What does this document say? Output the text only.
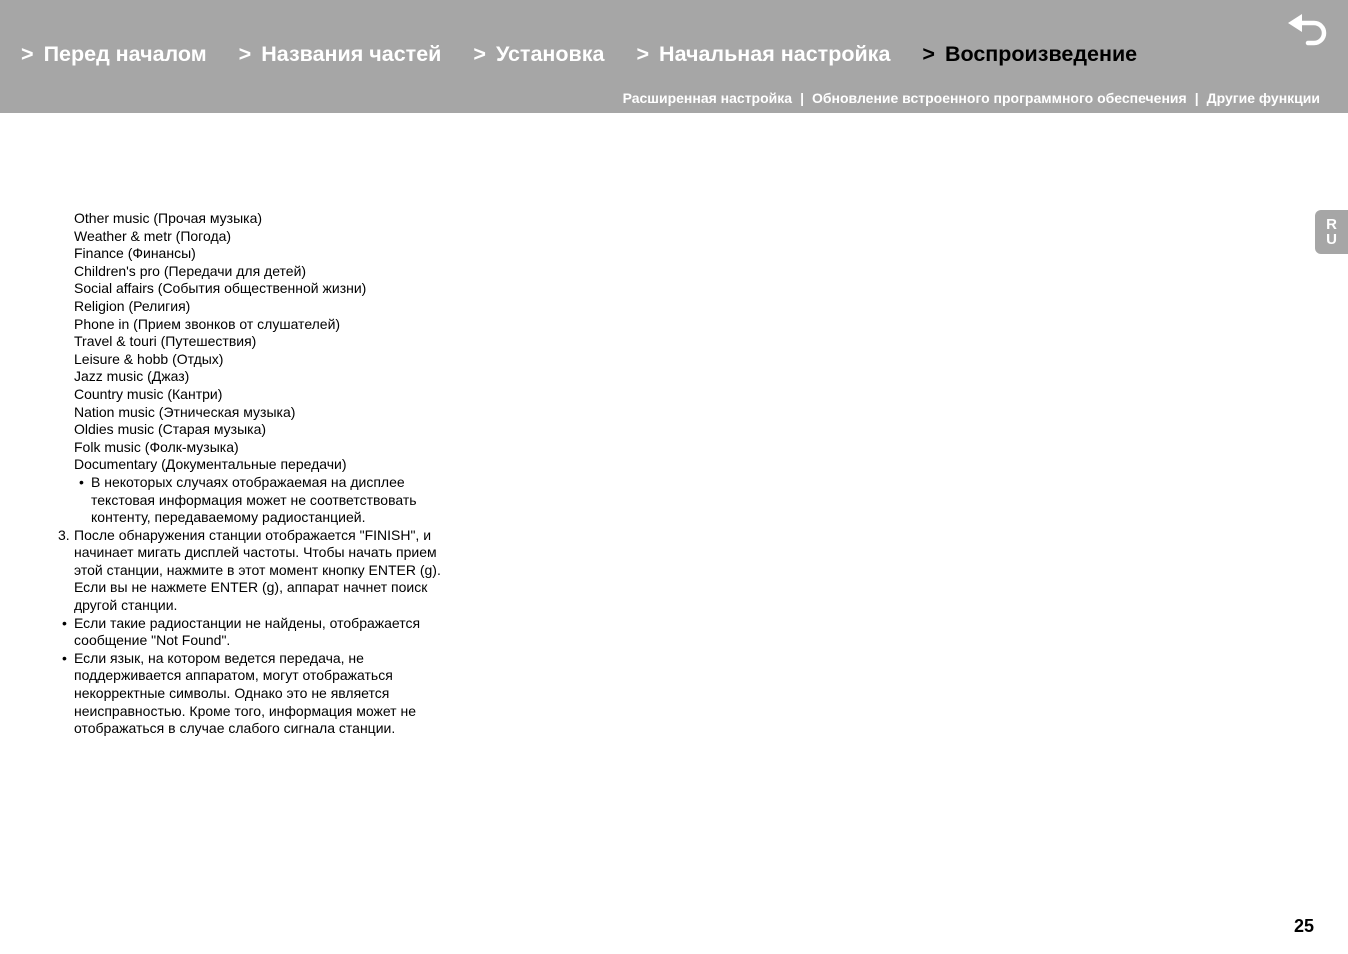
> Перед началом > Названия частей > Установка > Начальная настройка > Воспроизведение
Расширенная настройка | Обновление встроенного программного обеспечения | Другие функции
R
U
Other music (Прочая музыка)
Weather & metr (Погода)
Finance (Финансы)
Children's pro (Передачи для детей)
Social affairs (События общественной жизни)
Religion (Религия)
Phone in (Прием звонков от слушателей)
Travel & touri (Путешествия)
Leisure & hobb (Отдых)
Jazz music (Джаз)
Country music (Кантри)
Nation music (Этническая музыка)
Oldies music (Старая музыка)
Folk music (Фолк-музыка)
Documentary (Документальные передачи)
• В некоторых случаях отображаемая на дисплее текстовая информация может не соответствовать контенту, передаваемому радиостанцией.
3. После обнаружения станции отображается "FINISH", и начинает мигать дисплей частоты. Чтобы начать прием этой станции, нажмите в этот момент кнопку ENTER (g). Если вы не нажмете ENTER (g), аппарат начнет поиск другой станции.
• Если такие радиостанции не найдены, отображается сообщение "Not Found".
• Если язык, на котором ведется передача, не поддерживается аппаратом, могут отображаться некорректные символы. Однако это не является неисправностью. Кроме того, информация может не отображаться в случае слабого сигнала станции.
25
